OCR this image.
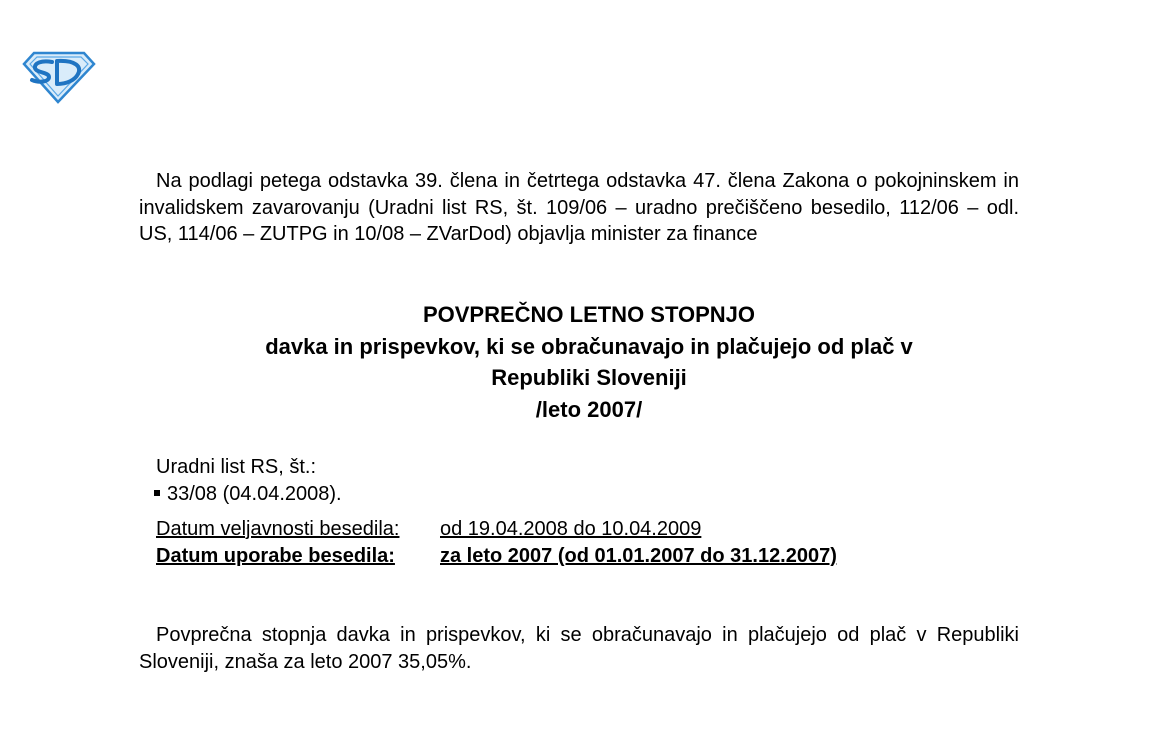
Na podlagi petega odstavka 39. člena in četrtega odstavka 47. člena Zakona o pokojninskem in invalidskem zavarovanju (Uradni list RS, št. 109/06 – uradno prečiščeno besedilo, 112/06 – odl. US, 114/06 – ZUTPG in 10/08 – ZVarDod) objavlja minister za finance

POVPREČNO LETNO STOPNJO
davka in prispevkov, ki se obračunavajo in plačujejo od plač v
Republiki Sloveniji
/leto 2007/
Uradni list RS, št.:
33/08 (04.04.2008).
Datum veljavnosti besedila: od 19.04.2008 do 10.04.2009
Datum uporabe besedila: za leto 2007 (od 01.01.2007 do 31.12.2007)

Povprečna stopnja davka in prispevkov, ki se obračunavajo in plačujejo od plač v Republiki Sloveniji, znaša za leto 2007 35,05%.
